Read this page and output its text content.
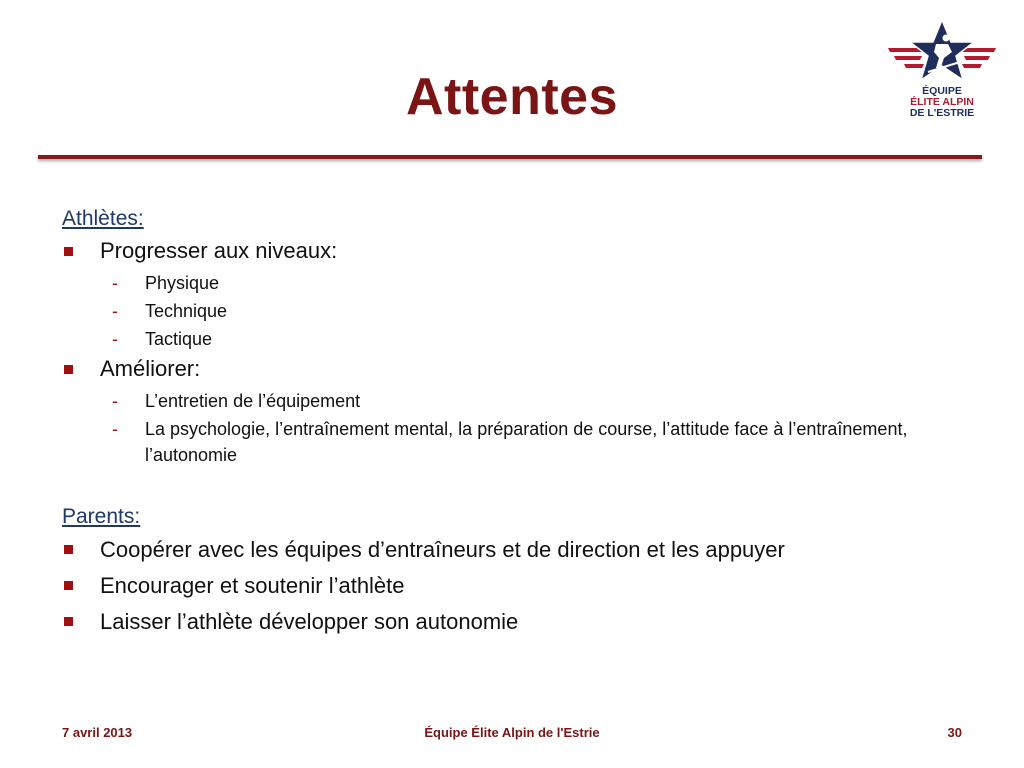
Attentes	ÉQUIPE
ÉLITE ALPIN
DE L'ESTRIE
Athlètes:
Progresser aux niveaux:
- Physique
- Technique
- Tactique
Améliorer:
- L’entretien de l’équipement
- La psychologie, l’entraînement mental, la préparation de course, l’attitude face à l’entraînement, l’autonomie
Parents:
Coopérer avec les équipes d’entraîneurs et de direction et les appuyer
Encourager et soutenir l’athlète
Laisser l’athlète développer son autonomie
7 avril 2013	Équipe Élite Alpin de l'Estrie	30
